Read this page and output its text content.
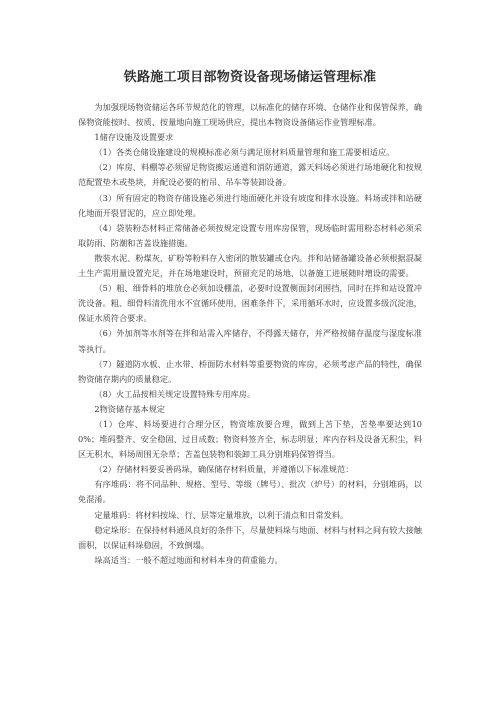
铁路施工项目部物资设备现场储运管理标准

为加强现场物资储运各环节规范化的管理，以标准化的储存环境、仓储作业和保管保养，确保物资能按时、按质、按量地向施工现场供应，提出本物资设备储运作业管理标准。

1储存设施及设置要求

（1）各类仓储设施建设的规模标准必须与满足原材料质量管理和施工需要相适应。

（2）库房、料棚等必须留足物资搬运通道和消防通道，露天料场必须进行场地硬化和按规范配置垫木或垫块，并配设必要的桁吊、吊车等装卸设备。

（3）所有固定的物资存储设施必须进行地面硬化并设有坡度和排水设施。料场或拌和站硬化地面开裂冒泥的，应立即处理。

（4）袋装粉态材料正常储备必须按规定设置专用库房保管，现场临时需用粉态材料必须采取防雨、防潮和苫盖设施措施。

散装水泥、粉煤灰、矿粉等粉料存入密闭的散装罐或仓内。拌和站储备罐设备必须根据混凝土生产需用量设置充足，并在场地建设时，预留充足的场地，以备施工进展随时增设的需要。

（5）粗、细骨料的堆放仓必须加设棚盖，必要时设置侧面封闭围挡，同时在拌和站设置冲洗设备。粗、细骨料清洗用水不宜循环使用，困难条件下，采用循环水时，应设置多级沉淀池，保证水质符合要求。

（6）外加剂等水剂等在拌和站需入库储存，不得露天储存，并严格按储存温度与湿度标准等执行。

（7）隧道防水板、止水带、桥面防水材料等重要物资的库房，必须考虑产品的特性，确保物资储存期内的质量稳定。

（8）火工品按相关规定设置特殊专用库房。

2物资储存基本规定

（1）仓库、料场要进行合理分区，物资堆放要合理，做到上苫下垫，苫垫率要达到100%；堆码整齐、安全稳固、过目成数；物资料签齐全，标志明显；库内存料及设备无积尘，料区无积水，料场周围无杂草；苫盖包装物和装卸工具分别堆码保管得当。

（2）存储材料要妥善码垛，确保储存材料质量，并遵循以下标准规范：

有序堆码：将不同品种、规格、型号、等级（牌号）、批次（炉号）的材料，分别堆码，以免混淆。

定量堆码：将材料按垛、行、层等定量堆放，以利于清点和日常发料。

稳定垛形：在保持材料通风良好的条件下，尽量使料垛与地面、材料与材料之间有较大接触面积，以保证料垛稳固，不致倒塌。

垛高适当：一般不超过地面和材料本身的荷重能力。
